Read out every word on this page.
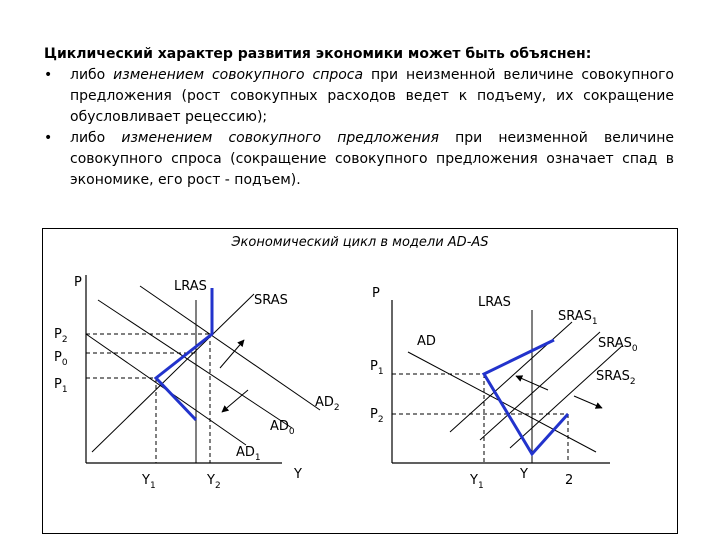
Циклический характер развития экономики может быть объяснен:

•	либо изменением совокупного спроса при неизменной величине совокупного предложения (рост совокупных расходов ведет к подъему, их сокращение обусловливает рецессию);

•	либо изменением совокупного предложения при неизменной величине совокупного спроса (сокращение совокупного предложения означает спад в экономике, его рост - подъем).

Экономический цикл в модели AD-AS
P	LRAS
SRAS
$P_2$
$P_0$
$P_1$
$AD_2$
$AD_0$
$AD_1$
$Y_1$	$Y_2$
Y
P
LRAS
$SRAS_1$
AD	$SRAS_0$
$P_1$	$SRAS_2$
$P_2$
$Y_1$
Y	2
